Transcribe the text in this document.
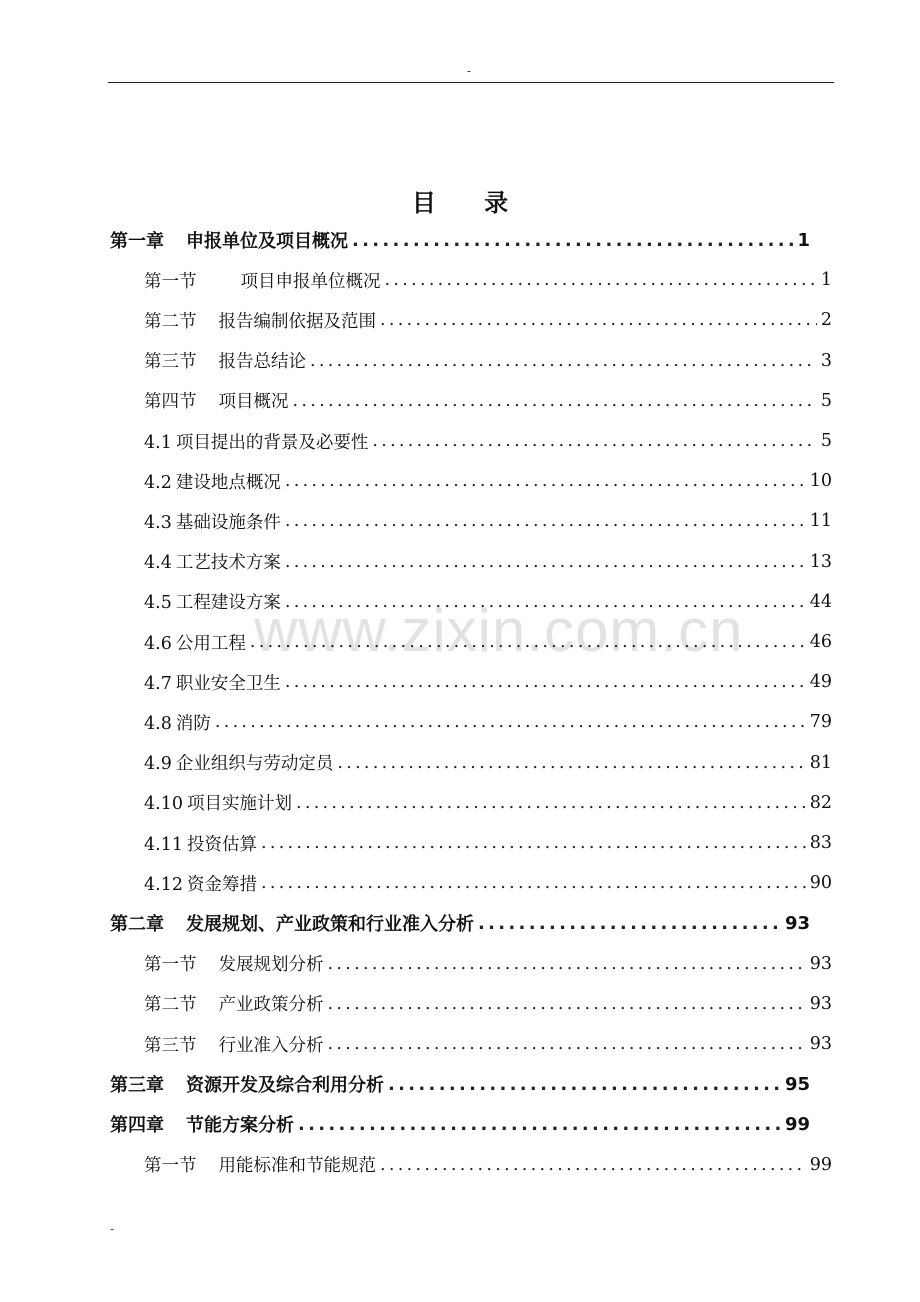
-
www.zixin.com.cn
目 录
第一章 申报单位及项目概况 .....	1
第一节	项目申报单位概况 .....	1
第二节 报告编制依据及范围 .....	2
第三节 报告总结论 .....	3
第四节 项目概况 .....	5
4.1 项目提出的背景及必要性 .....	5
4.2 建设地点概况 .....	10
4.3 基础设施条件 .....	11
4.4 工艺技术方案 .....	13
4.5 工程建设方案 .....	44
4.6 公用工程 .....	46
4.7 职业安全卫生 .....	49
4.8 消防 .....	79
4.9 企业组织与劳动定员 .....	81
4.10 项目实施计划 .....	82
4.11 投资估算 .....	83
4.12 资金筹措 .....	90
第二章 发展规划、产业政策和行业准入分析 .....	93
第一节 发展规划分析 .....	93
第二节 产业政策分析 .....	93
第三节 行业准入分析 .....	93
第三章 资源开发及综合利用分析 .....	95
第四章 节能方案分析 .....	99
第一节 用能标准和节能规范 .....	99
-
